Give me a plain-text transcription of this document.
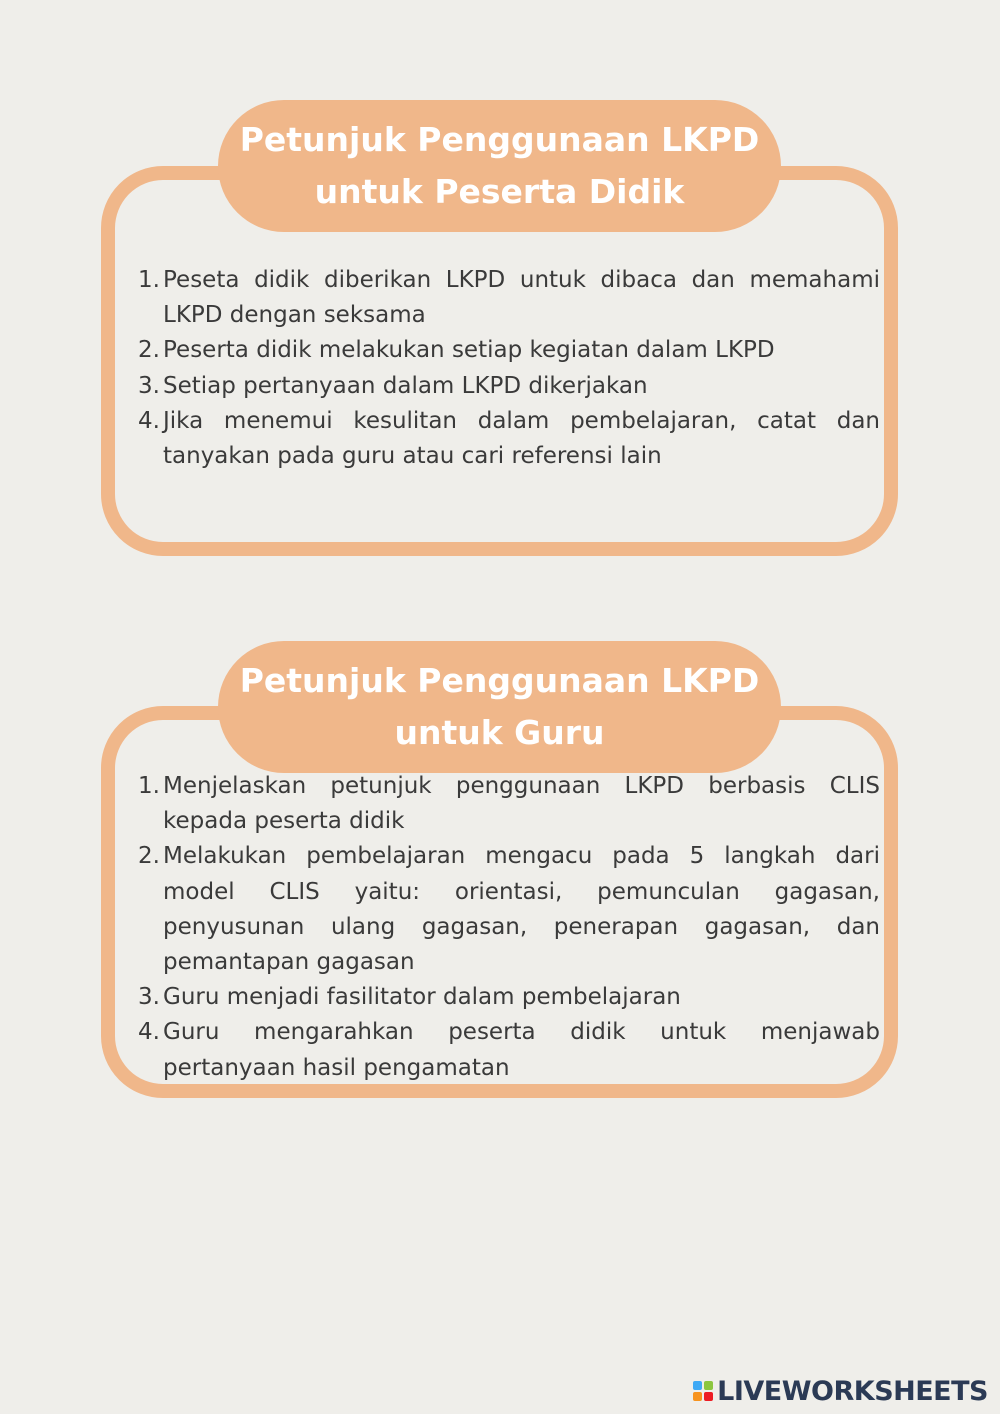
Petunjuk Penggunaan LKPD
untuk Peserta Didik
1. Peseta didik diberikan LKPD untuk dibaca dan memahami LKPD dengan seksama
2. Peserta didik melakukan setiap kegiatan dalam LKPD
3. Setiap pertanyaan dalam LKPD dikerjakan
4. Jika menemui kesulitan dalam pembelajaran, catat dan tanyakan pada guru atau cari referensi lain
Petunjuk Penggunaan LKPD
untuk Guru
1. Menjelaskan petunjuk penggunaan LKPD berbasis CLIS kepada peserta didik
2. Melakukan pembelajaran mengacu pada 5 langkah dari model CLIS yaitu: orientasi, pemunculan gagasan, penyusunan ulang gagasan, penerapan gagasan, dan pemantapan gagasan
3. Guru menjadi fasilitator dalam pembelajaran
4. Guru mengarahkan peserta didik untuk menjawab pertanyaan hasil pengamatan
LIVEWORKSHEETS
